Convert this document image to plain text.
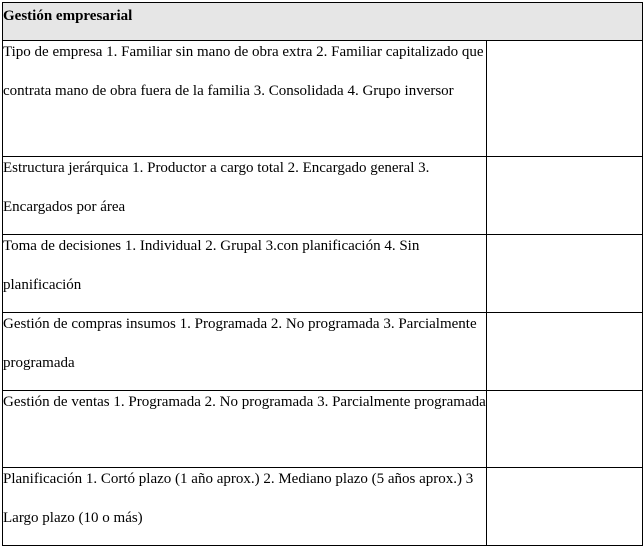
Gestión empresarial	

Tipo de empresa 1. Familiar sin mano de obra extra 2. Familiar capitalizado que contrata mano de obra fuera de la familia 3. Consolidada 4. Grupo inversor	

Estructura jerárquica 1. Productor a cargo total 2. Encargado general 3. Encargados por área	

Toma de decisiones 1. Individual 2. Grupal 3.con planificación 4. Sin planificación	

Gestión de compras insumos 1. Programada 2. No programada 3. Parcialmente programada	

Gestión de ventas 1. Programada 2. No programada 3. Parcialmente programada	

Planificación 1. Cortó plazo (1 año aprox.) 2. Mediano plazo (5 años aprox.) 3 Largo plazo (10 o más)	
